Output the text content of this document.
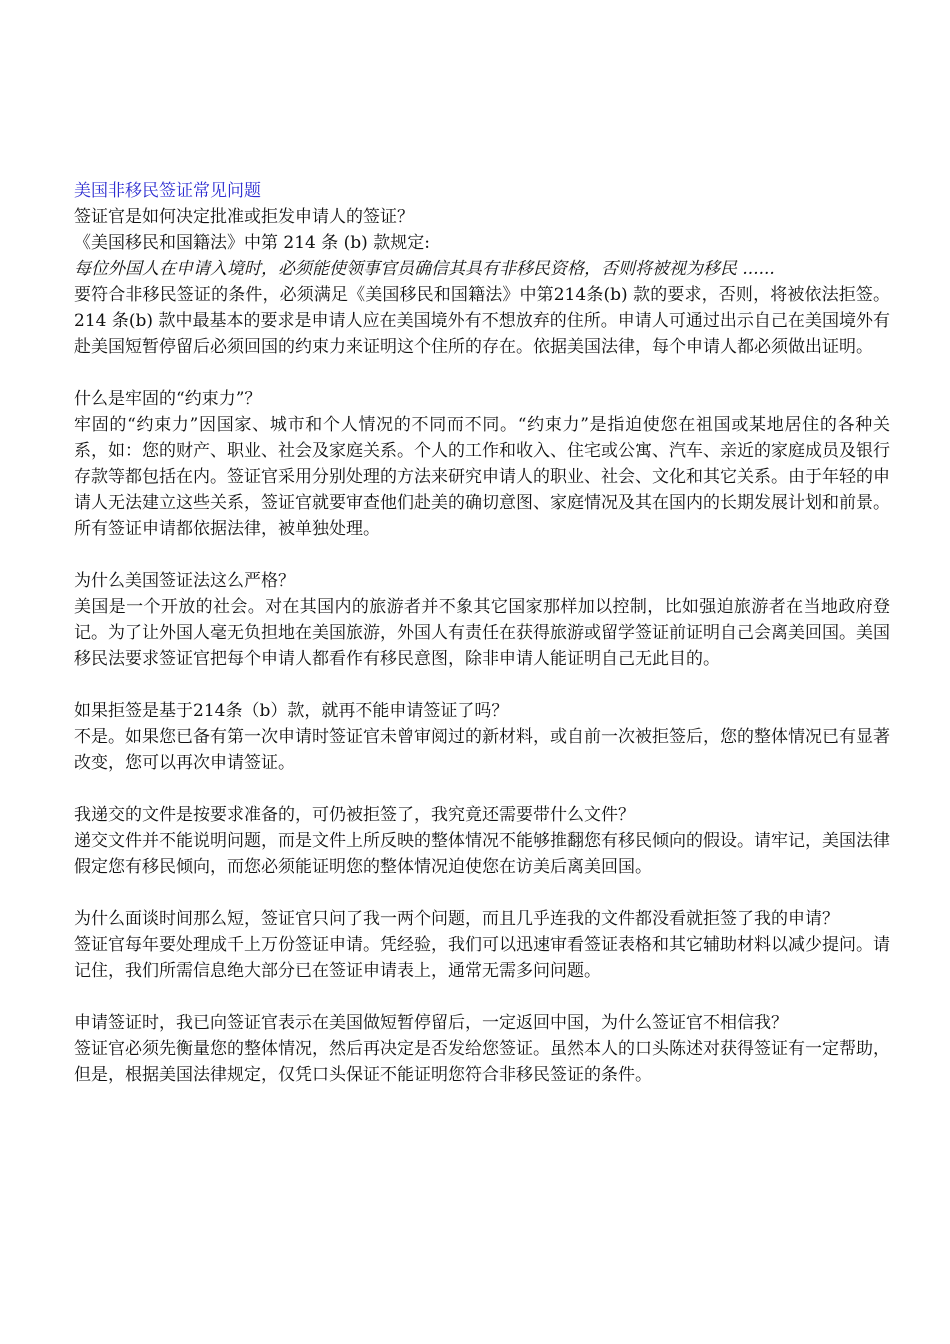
美国非移民签证常见问题

签证官是如何决定批准或拒发申请人的签证？

《美国移民和国籍法》中第 214 条 (b) 款规定:

每位外国人在申请入境时，必须能使领事官员确信其具有非移民资格，否则将被视为移民 ......

要符合非移民签证的条件，必须满足《美国移民和国籍法》中第214条(b) 款的要求，否则，将被依法拒签。214 条(b) 款中最基本的要求是申请人应在美国境外有不想放弃的住所。申请人可通过出示自己在美国境外有赴美国短暂停留后必须回国的约束力来证明这个住所的存在。依据美国法律，每个申请人都必须做出证明。

什么是牢固的“约束力”？

牢固的“约束力”因国家、城市和个人情况的不同而不同。“约束力”是指迫使您在祖国或某地居住的各种关系，如：您的财产、职业、社会及家庭关系。个人的工作和收入、住宅或公寓、汽车、亲近的家庭成员及银行存款等都包括在内。签证官采用分别处理的方法来研究申请人的职业、社会、文化和其它关系。由于年轻的申请人无法建立这些关系，签证官就要审查他们赴美的确切意图、家庭情况及其在国内的长期发展计划和前景。所有签证申请都依据法律，被单独处理。

为什么美国签证法这么严格？

美国是一个开放的社会。对在其国内的旅游者并不象其它国家那样加以控制，比如强迫旅游者在当地政府登记。为了让外国人毫无负担地在美国旅游，外国人有责任在获得旅游或留学签证前证明自己会离美回国。美国移民法要求签证官把每个申请人都看作有移民意图，除非申请人能证明自己无此目的。

如果拒签是基于214条（b）款，就再不能申请签证了吗？

不是。如果您已备有第一次申请时签证官未曾审阅过的新材料，或自前一次被拒签后，您的整体情况已有显著改变，您可以再次申请签证。

我递交的文件是按要求准备的，可仍被拒签了，我究竟还需要带什么文件？

递交文件并不能说明问题，而是文件上所反映的整体情况不能够推翻您有移民倾向的假设。请牢记，美国法律假定您有移民倾向，而您必须能证明您的整体情况迫使您在访美后离美回国。

为什么面谈时间那么短，签证官只问了我一两个问题，而且几乎连我的文件都没看就拒签了我的申请？

签证官每年要处理成千上万份签证申请。凭经验，我们可以迅速审看签证表格和其它辅助材料以减少提问。请记住，我们所需信息绝大部分已在签证申请表上，通常无需多问问题。

申请签证时，我已向签证官表示在美国做短暂停留后，一定返回中国，为什么签证官不相信我？

签证官必须先衡量您的整体情况，然后再决定是否发给您签证。虽然本人的口头陈述对获得签证有一定帮助，但是，根据美国法律规定，仅凭口头保证不能证明您符合非移民签证的条件。
